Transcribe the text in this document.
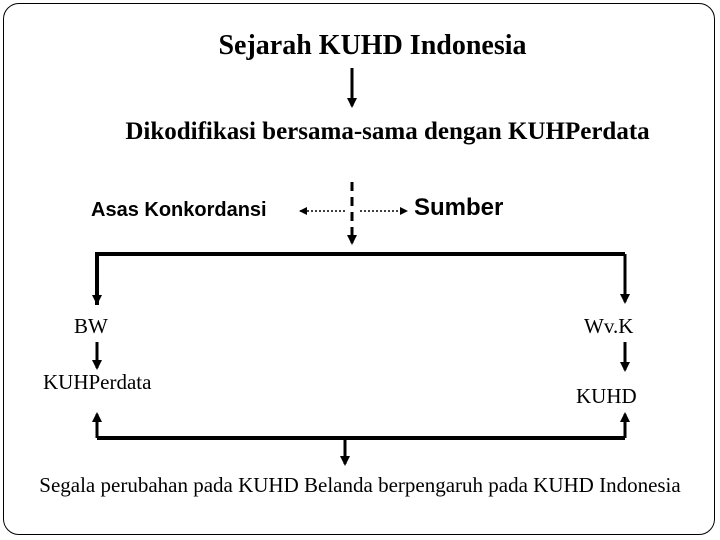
Sejarah KUHD Indonesia
Dikodifikasi bersama-sama dengan KUHPerdata
Asas Konkordansi	Sumber
BW	Wv.K
KUHPerdata
KUHD
Segala perubahan pada KUHD Belanda berpengaruh pada KUHD Indonesia
